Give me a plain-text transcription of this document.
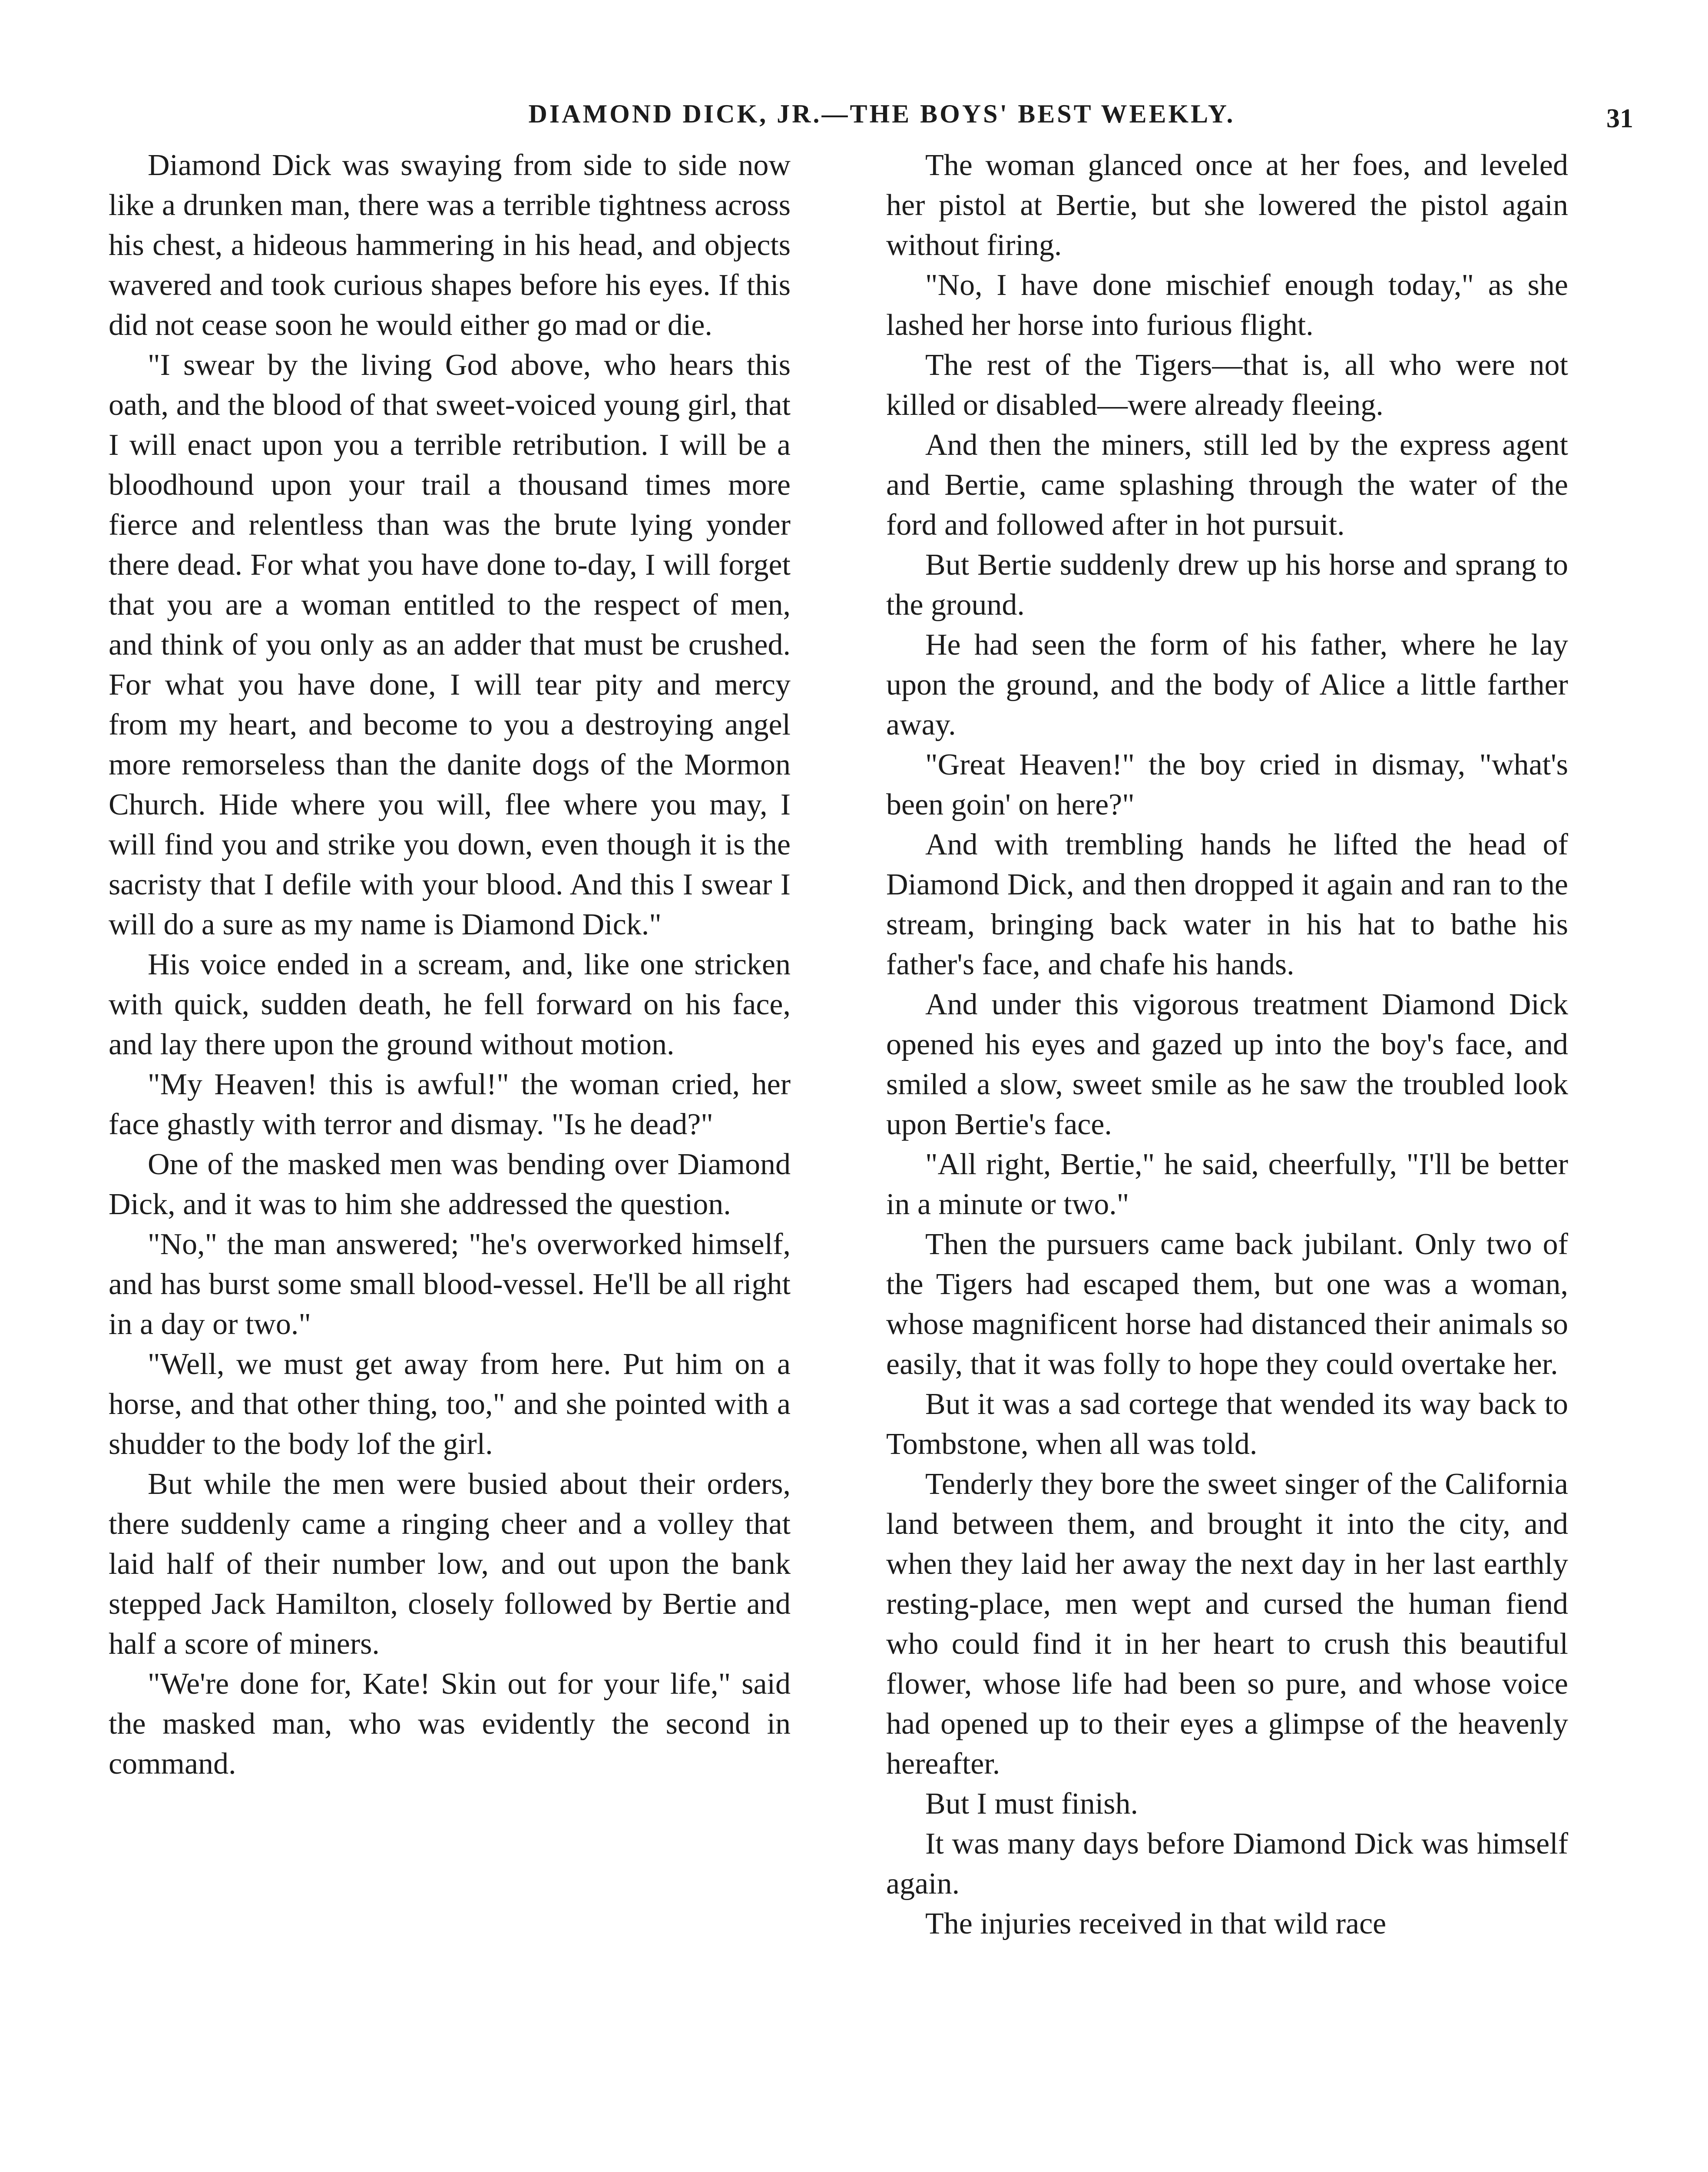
DIAMOND DICK, JR.—THE BOYS' BEST WEEKLY.	31

Diamond Dick was swaying from side to side now like a drunken man, there was a terrible tightness across his chest, a hideous hammering in his head, and objects wavered and took curious shapes before his eyes. If this did not cease soon he would either go mad or die.

"I swear by the living God above, who hears this oath, and the blood of that sweet-voiced young girl, that I will enact upon you a terrible retribution. I will be a bloodhound upon your trail a thousand times more fierce and relentless than was the brute lying yonder there dead. For what you have done to-day, I will forget that you are a woman entitled to the respect of men, and think of you only as an adder that must be crushed. For what you have done, I will tear pity and mercy from my heart, and become to you a destroying angel more remorseless than the danite dogs of the Mormon Church. Hide where you will, flee where you may, I will find you and strike you down, even though it is the sacristy that I defile with your blood. And this I swear I will do a sure as my name is Diamond Dick."

His voice ended in a scream, and, like one stricken with quick, sudden death, he fell forward on his face, and lay there upon the ground without motion.

"My Heaven! this is awful!" the woman cried, her face ghastly with terror and dismay. "Is he dead?"

One of the masked men was bending over Diamond Dick, and it was to him she addressed the question.

"No," the man answered; "he's overworked himself, and has burst some small blood-vessel. He'll be all right in a day or two."

"Well, we must get away from here. Put him on a horse, and that other thing, too," and she pointed with a shudder to the body lof the girl.

But while the men were busied about their orders, there suddenly came a ringing cheer and a volley that laid half of their number low, and out upon the bank stepped Jack Hamilton, closely followed by Bertie and half a score of miners.

"We're done for, Kate! Skin out for your life," said the masked man, who was evidently the second in command.

The woman glanced once at her foes, and leveled her pistol at Bertie, but she lowered the pistol again without firing.

"No, I have done mischief enough today," as she lashed her horse into furious flight.

The rest of the Tigers—that is, all who were not killed or disabled—were already fleeing.

And then the miners, still led by the express agent and Bertie, came splashing through the water of the ford and followed after in hot pursuit.

But Bertie suddenly drew up his horse and sprang to the ground.

He had seen the form of his father, where he lay upon the ground, and the body of Alice a little farther away.

"Great Heaven!" the boy cried in dismay, "what's been goin' on here?"

And with trembling hands he lifted the head of Diamond Dick, and then dropped it again and ran to the stream, bringing back water in his hat to bathe his father's face, and chafe his hands.

And under this vigorous treatment Diamond Dick opened his eyes and gazed up into the boy's face, and smiled a slow, sweet smile as he saw the troubled look upon Bertie's face.

"All right, Bertie," he said, cheerfully, "I'll be better in a minute or two."

Then the pursuers came back jubilant. Only two of the Tigers had escaped them, but one was a woman, whose magnificent horse had distanced their animals so easily, that it was folly to hope they could overtake her.

But it was a sad cortege that wended its way back to Tombstone, when all was told.

Tenderly they bore the sweet singer of the California land between them, and brought it into the city, and when they laid her away the next day in her last earthly resting-place, men wept and cursed the human fiend who could find it in her heart to crush this beautiful flower, whose life had been so pure, and whose voice had opened up to their eyes a glimpse of the heavenly hereafter.

But I must finish.

It was many days before Diamond Dick was himself again.

The injuries received in that wild race
